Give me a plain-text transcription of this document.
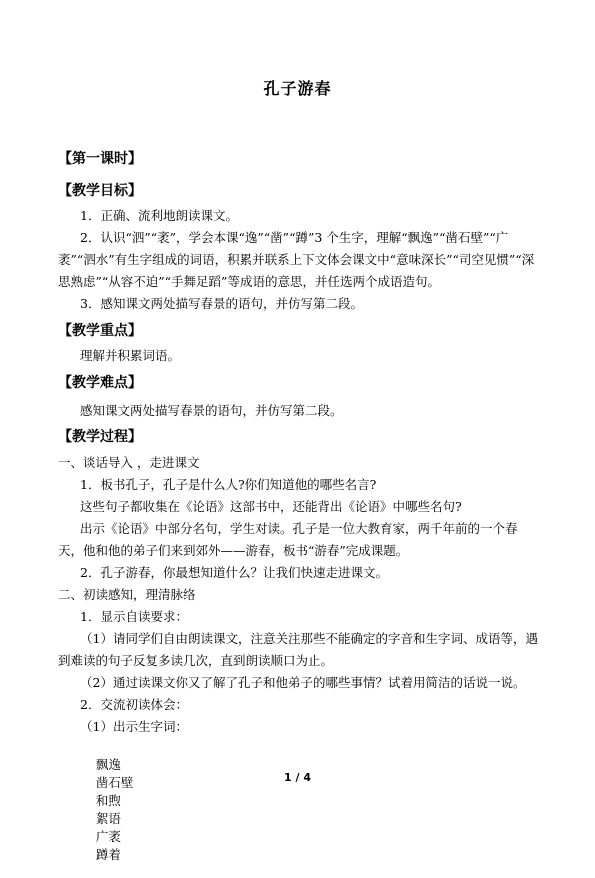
孔子游春
【第一课时】
【教学目标】
1．正确、流利地朗读课文。
2．认识“泗”“袤”，学会本课“逸”“凿”“蹲”3 个生字，理解“飘逸”“凿石壁”“广袤”“泗水”有生字组成的词语，积累并联系上下文体会课文中“意味深长”“司空见惯”“深思熟虑”“从容不迫”“手舞足蹈”等成语的意思，并任选两个成语造句。
3．感知课文两处描写春景的语句，并仿写第二段。
【教学重点】
理解并积累词语。
【教学难点】
感知课文两处描写春景的语句，并仿写第二段。
【教学过程】
一、谈话导入 ，走进课文
1．板书孔子，孔子是什么人?你们知道他的哪些名言?
这些句子都收集在《论语》这部书中，还能背出《论语》中哪些名句?
出示《论语》中部分名句，学生对读。孔子是一位大教育家，两千年前的一个春天，他和他的弟子们来到郊外——游春，板书“游春”完成课题。
2．孔子游春，你最想知道什么？让我们快速走进课文。
二、初读感知，理清脉络
1．显示自读要求：
（1）请同学们自由朗读课文，注意关注那些不能确定的字音和生字词、成语等，遇到难读的句子反复多读几次，直到朗读顺口为止。
（2）通过读课文你又了解了孔子和他弟子的哪些事情？试着用简洁的话说一说。
2．交流初读体会：
（1）出示生字词：

飘逸
凿石壁
和煦
絮语
广袤
蹲着

1 / 4
